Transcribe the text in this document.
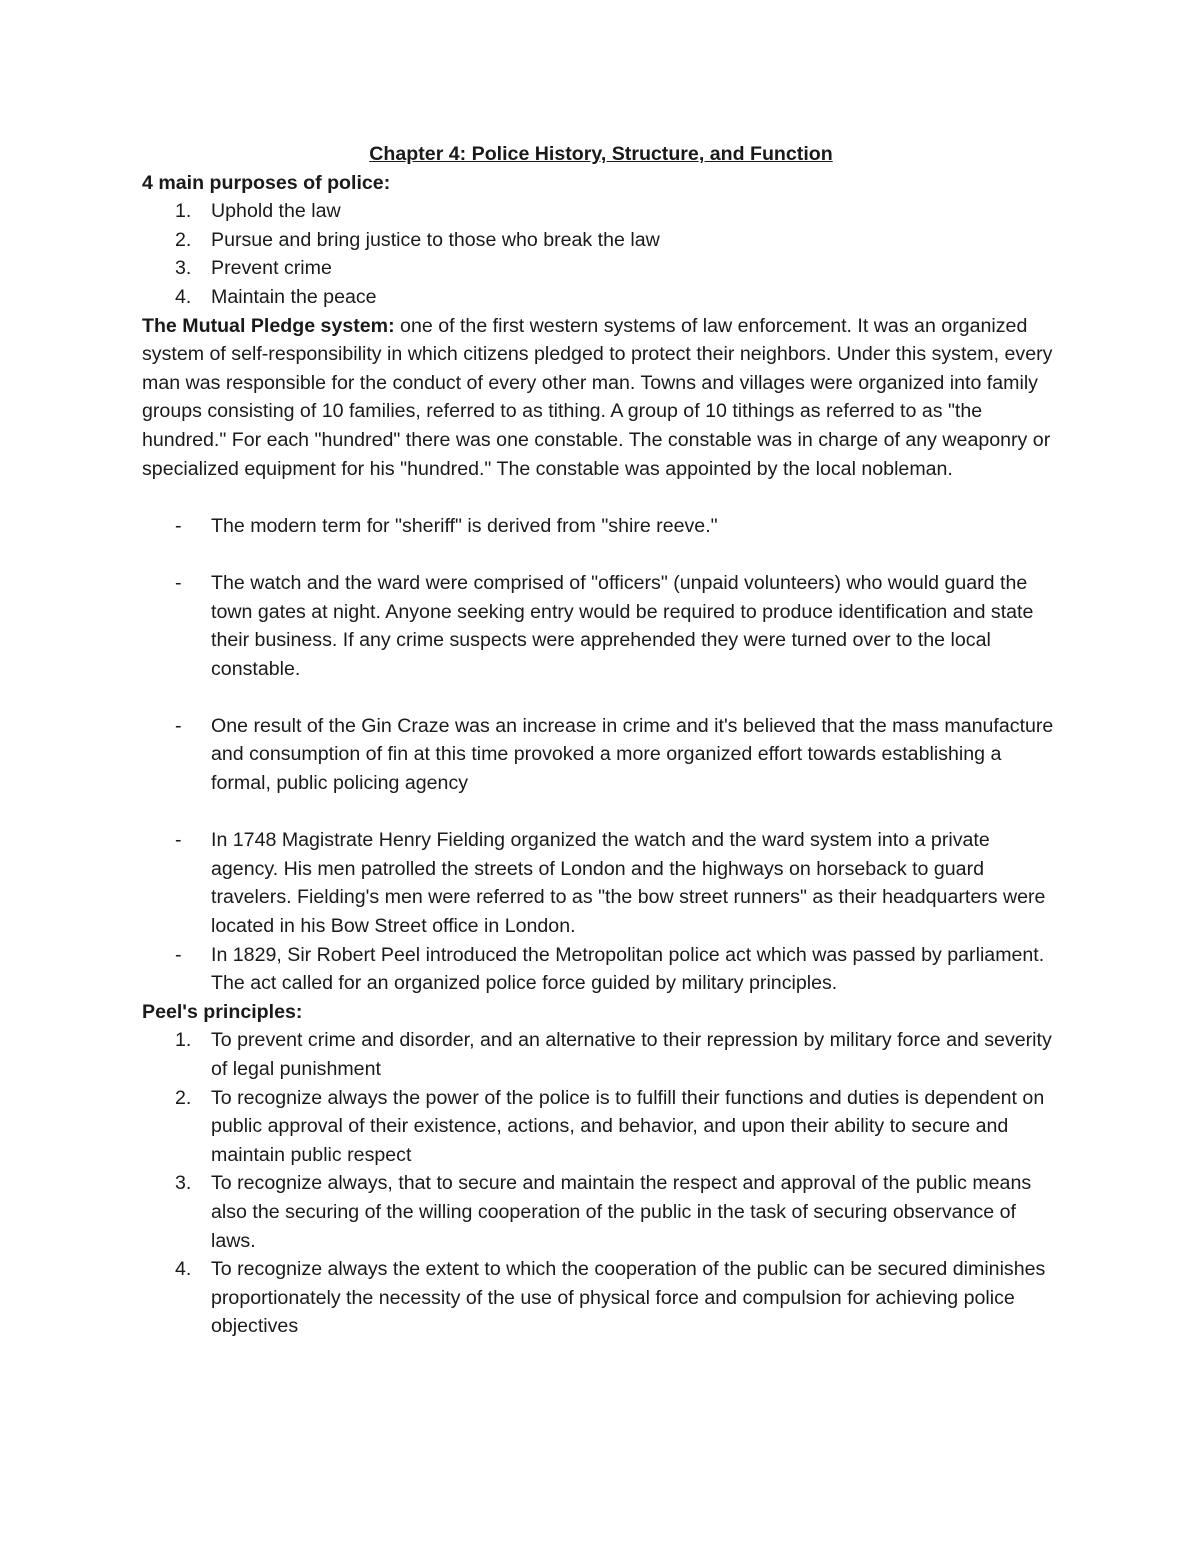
Chapter 4: Police History, Structure, and Function

4 main purposes of police:

1. Uphold the law
2. Pursue and bring justice to those who break the law
3. Prevent crime
4. Maintain the peace

The Mutual Pledge system: one of the first western systems of law enforcement. It was an organized system of self-responsibility in which citizens pledged to protect their neighbors. Under this system, every man was responsible for the conduct of every other man. Towns and villages were organized into family groups consisting of 10 families, referred to as tithing. A group of 10 tithings as referred to as "the hundred." For each "hundred" there was one constable. The constable was in charge of any weaponry or specialized equipment for his "hundred." The constable was appointed by the local nobleman.

- The modern term for "sheriff" is derived from "shire reeve."
- The watch and the ward were comprised of "officers" (unpaid volunteers) who would guard the town gates at night. Anyone seeking entry would be required to produce identification and state their business. If any crime suspects were apprehended they were turned over to the local constable.
- One result of the Gin Craze was an increase in crime and it's believed that the mass manufacture and consumption of fin at this time provoked a more organized effort towards establishing a formal, public policing agency
- In 1748 Magistrate Henry Fielding organized the watch and the ward system into a private agency. His men patrolled the streets of London and the highways on horseback to guard travelers. Fielding's men were referred to as "the bow street runners" as their headquarters were located in his Bow Street office in London.
- In 1829, Sir Robert Peel introduced the Metropolitan police act which was passed by parliament. The act called for an organized police force guided by military principles.

Peel's principles:

1. To prevent crime and disorder, and an alternative to their repression by military force and severity of legal punishment
2. To recognize always the power of the police is to fulfill their functions and duties is dependent on public approval of their existence, actions, and behavior, and upon their ability to secure and maintain public respect
3. To recognize always, that to secure and maintain the respect and approval of the public means also the securing of the willing cooperation of the public in the task of securing observance of laws.
4. To recognize always the extent to which the cooperation of the public can be secured diminishes proportionately the necessity of the use of physical force and compulsion for achieving police objectives
